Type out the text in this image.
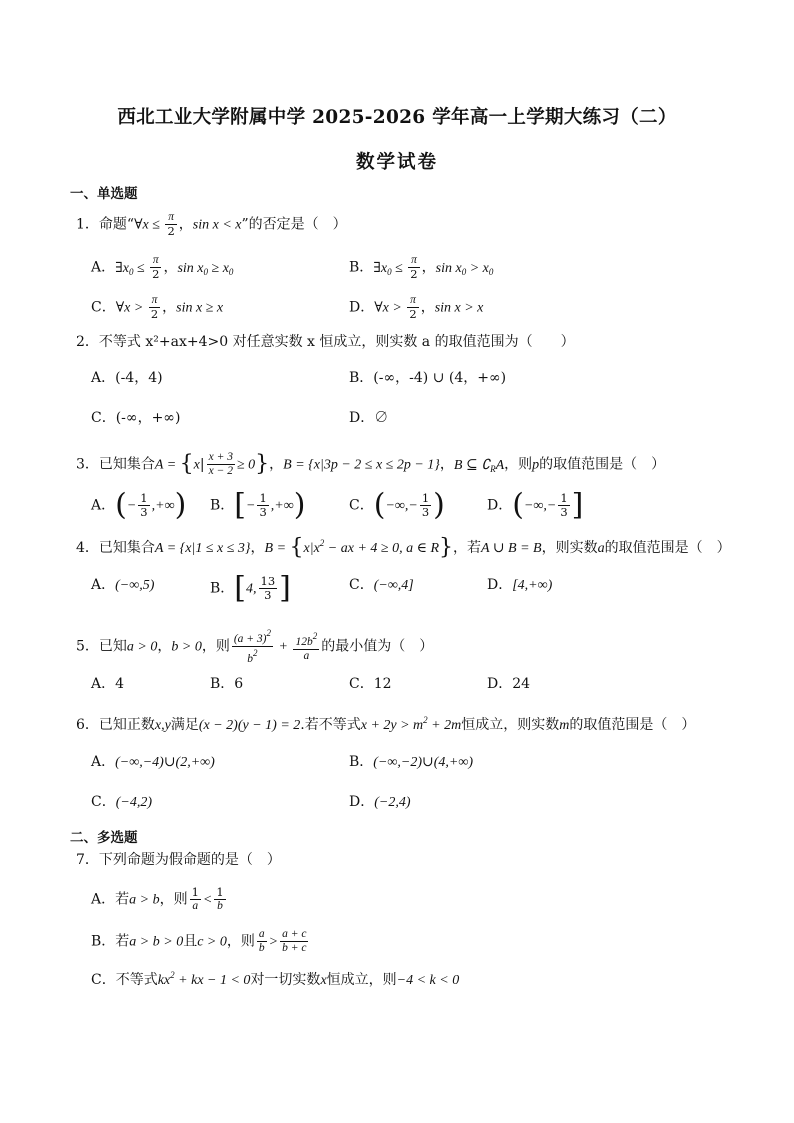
西北工业大学附属中学 2025-2026 学年高一上学期大练习（二）
数学试卷
一、单选题
1．命题“∀x ≤ $\frac{\pi}{2}$ ，sin x < x”的否定是（　）
A．$\exists x_0 \le \frac{\pi}{2}$ ，$\sin x_0 \ge x_0$	B．$\exists x_0 \le \frac{\pi}{2}$ ，$\sin x_0 > x_0$
C．∀x > $\frac{\pi}{2}$ ，sin x ≥ x	D．∀x > $\frac{\pi}{2}$ ，sin x > x
2．不等式 x²+ax+4>0 对任意实数 x 恒成立，则实数 a 的取值范围为（　　）
A．(-4，4)	B．(-∞，-4) ∪ (4，+∞)
C．(-∞，+∞)	D．∅
3．已知集合$A = \{x| \frac{x + 3}{x - 2} \ge 0\}$，B = {x|3p − 2 ≤ x ≤ 2p − 1}，B ⊆ $∁_RA$，则p的取值范围是（　）
A．(− $\frac{1}{3}$ ,+∞) B．[− $\frac{1}{3}$ ,+∞)	C．(−∞,− $\frac{1}{3}$ )	D．(−∞,− $\frac{1}{3}$ ]
4．已知集合A = {x|1 ≤ x ≤ 3}，$B = \{x|x^2$ − ax + 4 ≥ 0, a ∈ R}，若A ∪ B = B，则实数a的取值范围是（　）
A．(−∞,5)	B．[4, $\frac{13}{3}$ ]	C．(−∞,4]	D．[4,+∞)
5．已知a > 0，b > 0，则 $\frac{(a + 3)^2}{b^2} + \frac{12b^2}{a}$ 的最小值为（　）
A．4	B．6	C．12	D．24
6．已知正数x,y满足(x − 2)(y − 1) = 2.若不等式$x + 2y > m^2 + 2m$恒成立，则实数m的取值范围是（　）
A．(−∞,−4)∪(2,+∞)	B．(−∞,−2)∪(4,+∞)
C．(−4,2)	D．(−2,4)
二、多选题
7．下列命题为假命题的是（　）
A．若a > b，则 $\frac{1}{a} < \frac{1}{b}$
B．若a > b > 0且c > 0，则 $\frac{a}{b} > \frac{a + c}{b + c}$
C．不等式$kx^2$ + kx − 1 < 0对一切实数x恒成立，则−4 < k < 0
